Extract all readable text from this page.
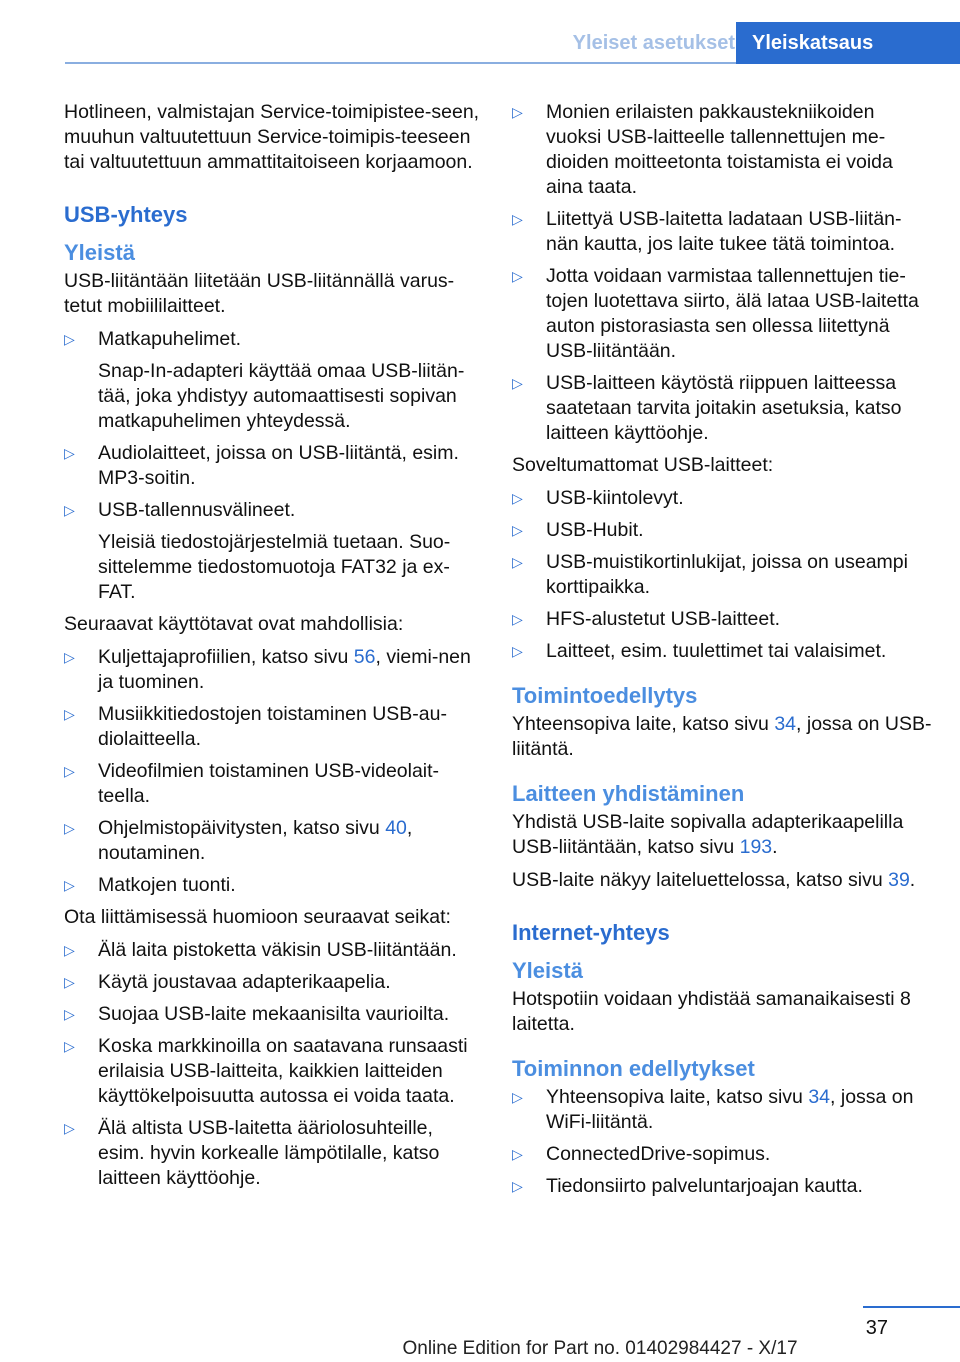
Yleiset asetukset Yleiskatsaus

Hotlineen, valmistajan Service-toimipistee-seen, muuhun valtuutettuun Service-toimipis-teeseen tai valtuutettuun ammattitaitoiseen korjaamoon.

USB-yhteys
Yleistä

USB-liitäntään liitetään USB-liitännällä varus-tetut mobiililaitteet.

▷ Matkapuhelimet.
Snap-In-adapteri käyttää omaa USB-liitän-tää, joka yhdistyy automaattisesti sopivan matkapuhelimen yhteydessä.
▷ Audiolaitteet, joissa on USB-liitäntä, esim. MP3-soitin.
▷ USB-tallennusvälineet.
Yleisiä tiedostojärjestelmiä tuetaan. Suo-sittelemme tiedostomuotoja FAT32 ja ex-FAT.

Seuraavat käyttötavat ovat mahdollisia:

▷ Kuljettajaprofiilien, katso sivu 56, viemi-nen ja tuominen.
▷ Musiikkitiedostojen toistaminen USB-au-diolaitteella.
▷ Videofilmien toistaminen USB-videolait-teella.
▷ Ohjelmistopäivitysten, katso sivu 40, noutaminen.
▷ Matkojen tuonti.

Ota liittämisessä huomioon seuraavat seikat:

▷ Älä laita pistoketta väkisin USB-liitäntään.
▷ Käytä joustavaa adapterikaapelia.
▷ Suojaa USB-laite mekaanisilta vaurioilta.
▷ Koska markkinoilla on saatavana runsaasti erilaisia USB-laitteita, kaikkien laitteiden käyttökelpoisuutta autossa ei voida taata.
▷ Älä altista USB-laitetta ääriolosuhteille, esim. hyvin korkealle lämpötilalle, katso laitteen käyttöohje.
▷ Monien erilaisten pakkaustekniikoiden vuoksi USB-laitteelle tallennettujen me-dioiden moitteetonta toistamista ei voida aina taata.
▷ Liitettyä USB-laitetta ladataan USB-liitän-nän kautta, jos laite tukee tätä toimintoa.
▷ Jotta voidaan varmistaa tallennettujen tie-tojen luotettava siirto, älä lataa USB-laitetta auton pistorasiasta sen ollessa liitettynä USB-liitäntään.
▷ USB-laitteen käytöstä riippuen laitteessa saatetaan tarvita joitakin asetuksia, katso laitteen käyttöohje.

Soveltumattomat USB-laitteet:

▷ USB-kiintolevyt.
▷ USB-Hubit.
▷ USB-muistikortinlukijat, joissa on useampi korttipaikka.
▷ HFS-alustetut USB-laitteet.
▷ Laitteet, esim. tuulettimet tai valaisimet.
Toimintoedellytys

Yhteensopiva laite, katso sivu 34, jossa on USB-liitäntä.

Laitteen yhdistäminen

Yhdistä USB-laite sopivalla adapterikaapelilla USB-liitäntään, katso sivu 193.

USB-laite näkyy laiteluettelossa, katso sivu 39.

Internet-yhteys
Yleistä

Hotspotiin voidaan yhdistää samanaikaisesti 8 laitetta.

Toiminnon edellytykset
▷ Yhteensopiva laite, katso sivu 34, jossa on WiFi-liitäntä.
▷ ConnectedDrive-sopimus.
▷ Tiedonsiirto palveluntarjoajan kautta.
37
Online Edition for Part no. 01402984427 - X/17
